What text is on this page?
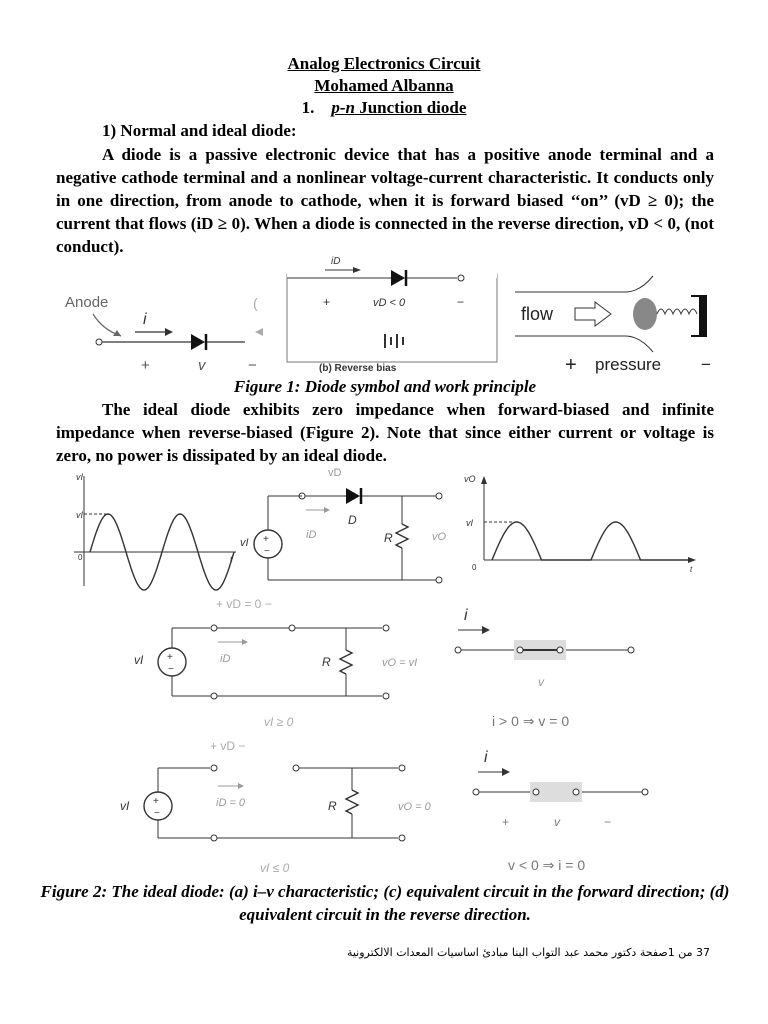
Analog Electronics Circuit
Mohamed Albanna
1. p-n Junction diode
1) Normal and ideal diode:
A diode is a passive electronic device that has a positive anode terminal and a negative cathode terminal and a nonlinear voltage-current characteristic. It conducts only in one direction, from anode to cathode, when it is forward biased ‘‘on’’ (vD ≥ 0); the current that flows (iD ≥ 0). When a diode is connected in the reverse direction, vD < 0, (not conduct).
Anode
i
+	v	−
(
iD
+	vD < 0	−
(b) Reverse bias
flow
+ pressure −
Figure 1: Diode symbol and work principle
The ideal diode exhibits zero impedance when forward-biased and infinite impedance when reverse-biased (Figure 2). Note that since either current or voltage is zero, no power is dissipated by an ideal diode.
vI
vI
0	t
vD
D
iD
+
−
vI	R	vO
vO
vI
0	t
+ vD = 0 −
+
−
vI	iD	R	vO = vI
vI ≥ 0
i
v
i > 0 ⇒ v = 0
+ vD −
+
−
vI	iD = 0	R	vO = 0
vI ≤ 0
i
+	v	−
v < 0 ⇒ i = 0
Figure 2: The ideal diode: (a) i–v characteristic; (c) equivalent circuit in the forward direction; (d) equivalent circuit in the reverse direction.
37 من 1صفحة دكتور محمد عبد التواب البنا مبادئ اساسيات المعدات الالكترونية
